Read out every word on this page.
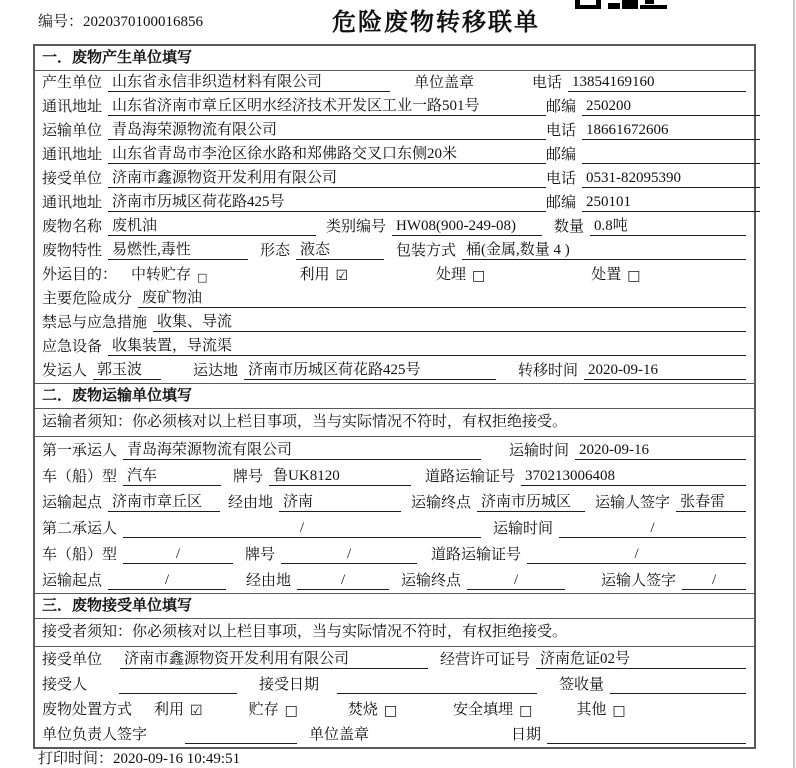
编号：2020370100016856	危险废物转移联单
一．废物产生单位填写
产生单位 山东省永信非织造材料有限公司	单位盖章	电话 13854169160
通讯地址 山东省济南市章丘区明水经济技术开发区工业一路501号	邮编 250200
运输单位 青岛海荣源物流有限公司	电话 18661672606
通讯地址 山东省青岛市李沧区徐水路和郑佛路交叉口东侧20米	邮编
接受单位 济南市鑫源物资开发利用有限公司	电话 0531-82095390
通讯地址 济南市历城区荷花路425号	邮编 250101
废物名称 废机油	类别编号 HW08(900-249-08)	数量 0.8吨
废物特性 易燃性,毒性	形态 液态	包装方式 桶(金属,数量 4 )
外运目的： 中转贮存 □	利用 ☑	处理 □	处置 □
主要危险成分 废矿物油
禁忌与应急措施 收集、导流
应急设备 收集装置，导流渠
发运人 郭玉波	运达地 济南市历城区荷花路425号	转移时间 2020-09-16
二．废物运输单位填写
运输者须知：你必须核对以上栏目事项，当与实际情况不符时，有权拒绝接受。
第一承运人 青岛海荣源物流有限公司	运输时间 2020-09-16
车（船）型 汽车	牌号 鲁UK8120	道路运输证号 370213006408
运输起点 济南市章丘区	经由地 济南	运输终点 济南市历城区	运输人签字 张春雷
第二承运人	/	运输时间	/
车（船）型	/	牌号	/	道路运输证号	/
运输起点	/	经由地	/	运输终点	/	运输人签字	/
三．废物接受单位填写
接受者须知：你必须核对以上栏目事项，当与实际情况不符时，有权拒绝接受。
接受单位 济南市鑫源物资开发利用有限公司	经营许可证号 济南危证02号
接受人	接受日期	签收量
废物处置方式 利用 ☑	贮存 □	焚烧 □	安全填埋 □	其他 □
单位负责人签字	单位盖章	日期
打印时间：2020-09-16 10:49:51
